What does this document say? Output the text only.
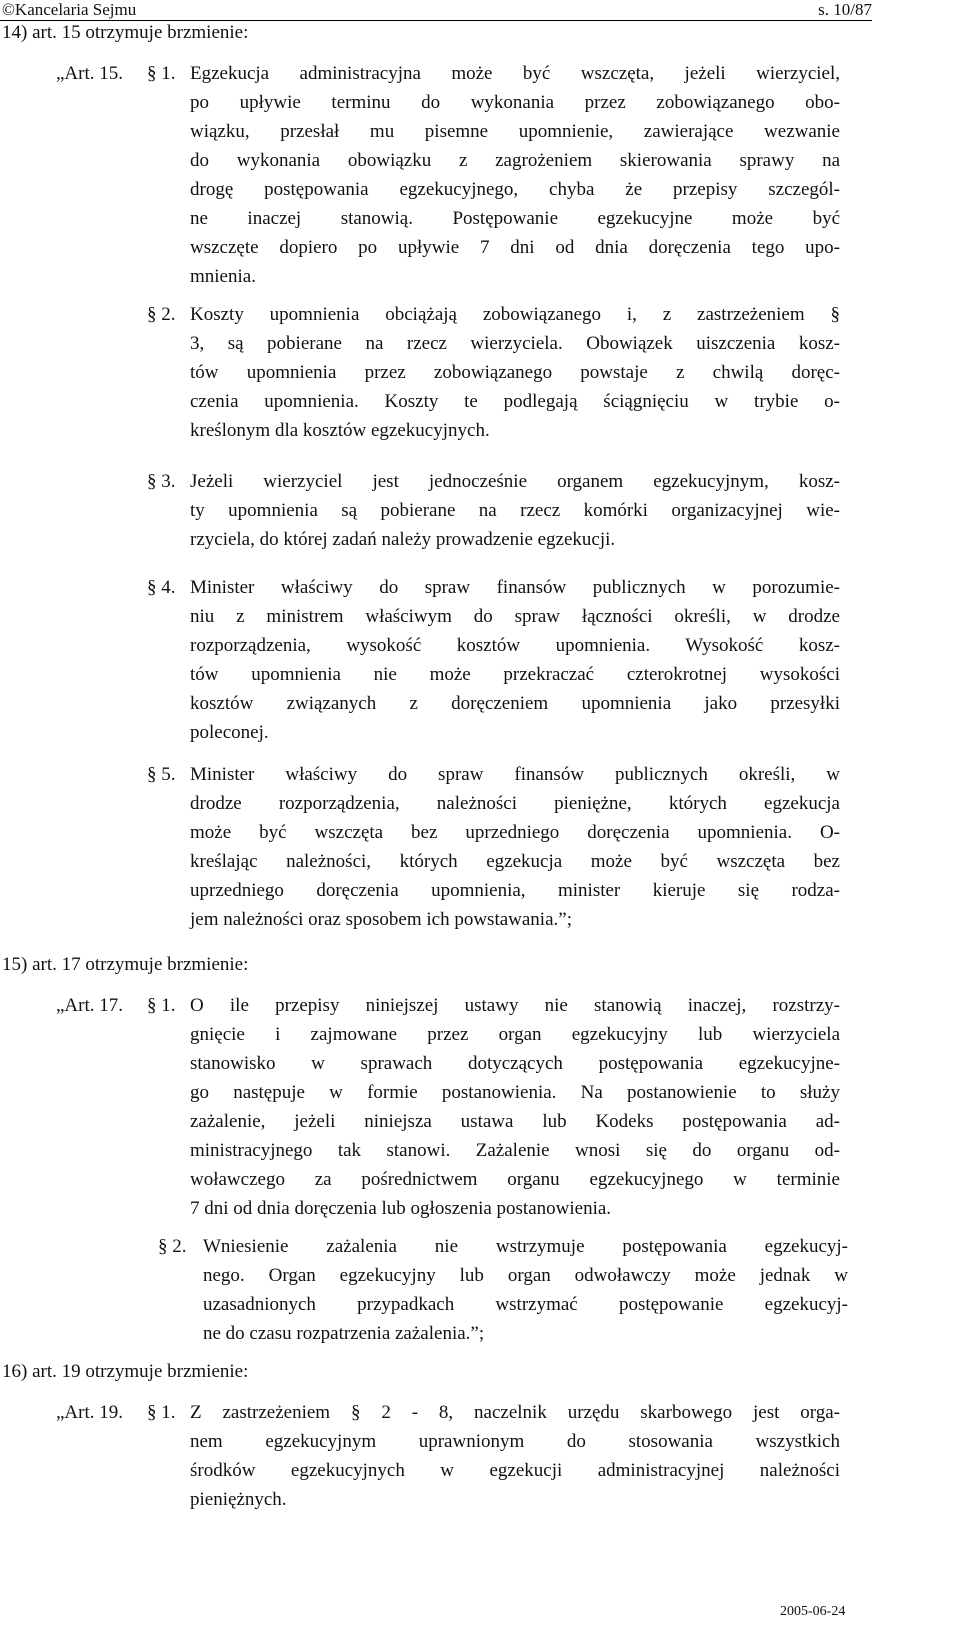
©Kancelaria Sejmu	s. 10/87
14) art. 15 otrzymuje brzmienie:
„Art. 15. § 1. Egzekucja administracyjna może być wszczęta, jeżeli wierzyciel,
po upływie terminu do wykonania przez zobowiązanego obo-
wiązku, przesłał mu pisemne upomnienie, zawierające wezwanie
do wykonania obowiązku z zagrożeniem skierowania sprawy na
drogę postępowania egzekucyjnego, chyba że przepisy szczegól-
ne inaczej stanowią. Postępowanie egzekucyjne może być
wszczęte dopiero po upływie 7 dni od dnia doręczenia tego upo-
mnienia.
§ 2. Koszty upomnienia obciążają zobowiązanego i, z zastrzeżeniem §
3, są pobierane na rzecz wierzyciela. Obowiązek uiszczenia kosz-
tów upomnienia przez zobowiązanego powstaje z chwilą doręc-
czenia upomnienia. Koszty te podlegają ściągnięciu w trybie o-
kreślonym dla kosztów egzekucyjnych.
§ 3. Jeżeli wierzyciel jest jednocześnie organem egzekucyjnym, kosz-
ty upomnienia są pobierane na rzecz komórki organizacyjnej wie-
rzyciela, do której zadań należy prowadzenie egzekucji.
§ 4. Minister właściwy do spraw finansów publicznych w porozumie-
niu z ministrem właściwym do spraw łączności określi, w drodze
rozporządzenia, wysokość kosztów upomnienia. Wysokość kosz-
tów upomnienia nie może przekraczać czterokrotnej wysokości
kosztów związanych z doręczeniem upomnienia jako przesyłki
poleconej.
§ 5. Minister właściwy do spraw finansów publicznych określi, w
drodze rozporządzenia, należności pieniężne, których egzekucja
może być wszczęta bez uprzedniego doręczenia upomnienia. O-
kreślając należności, których egzekucja może być wszczęta bez
uprzedniego doręczenia upomnienia, minister kieruje się rodza-
jem należności oraz sposobem ich powstawania.”;
15) art. 17 otrzymuje brzmienie:
„Art. 17. § 1. O ile przepisy niniejszej ustawy nie stanowią inaczej, rozstrzy-
gnięcie i zajmowane przez organ egzekucyjny lub wierzyciela
stanowisko w sprawach dotyczących postępowania egzekucyjne-
go następuje w formie postanowienia. Na postanowienie to służy
zażalenie, jeżeli niniejsza ustawa lub Kodeks postępowania ad-
ministracyjnego tak stanowi. Zażalenie wnosi się do organu od-
woławczego za pośrednictwem organu egzekucyjnego w terminie
7 dni od dnia doręczenia lub ogłoszenia postanowienia.
§ 2. Wniesienie zażalenia nie wstrzymuje postępowania egzekucyj-
nego. Organ egzekucyjny lub organ odwoławczy może jednak w
uzasadnionych przypadkach wstrzymać postępowanie egzekucyj-
ne do czasu rozpatrzenia zażalenia.”;
16) art. 19 otrzymuje brzmienie:
„Art. 19. § 1. Z zastrzeżeniem § 2 - 8, naczelnik urzędu skarbowego jest orga-
nem egzekucyjnym uprawnionym do stosowania wszystkich
środków egzekucyjnych w egzekucji administracyjnej należności
pieniężnych.
2005-06-24
